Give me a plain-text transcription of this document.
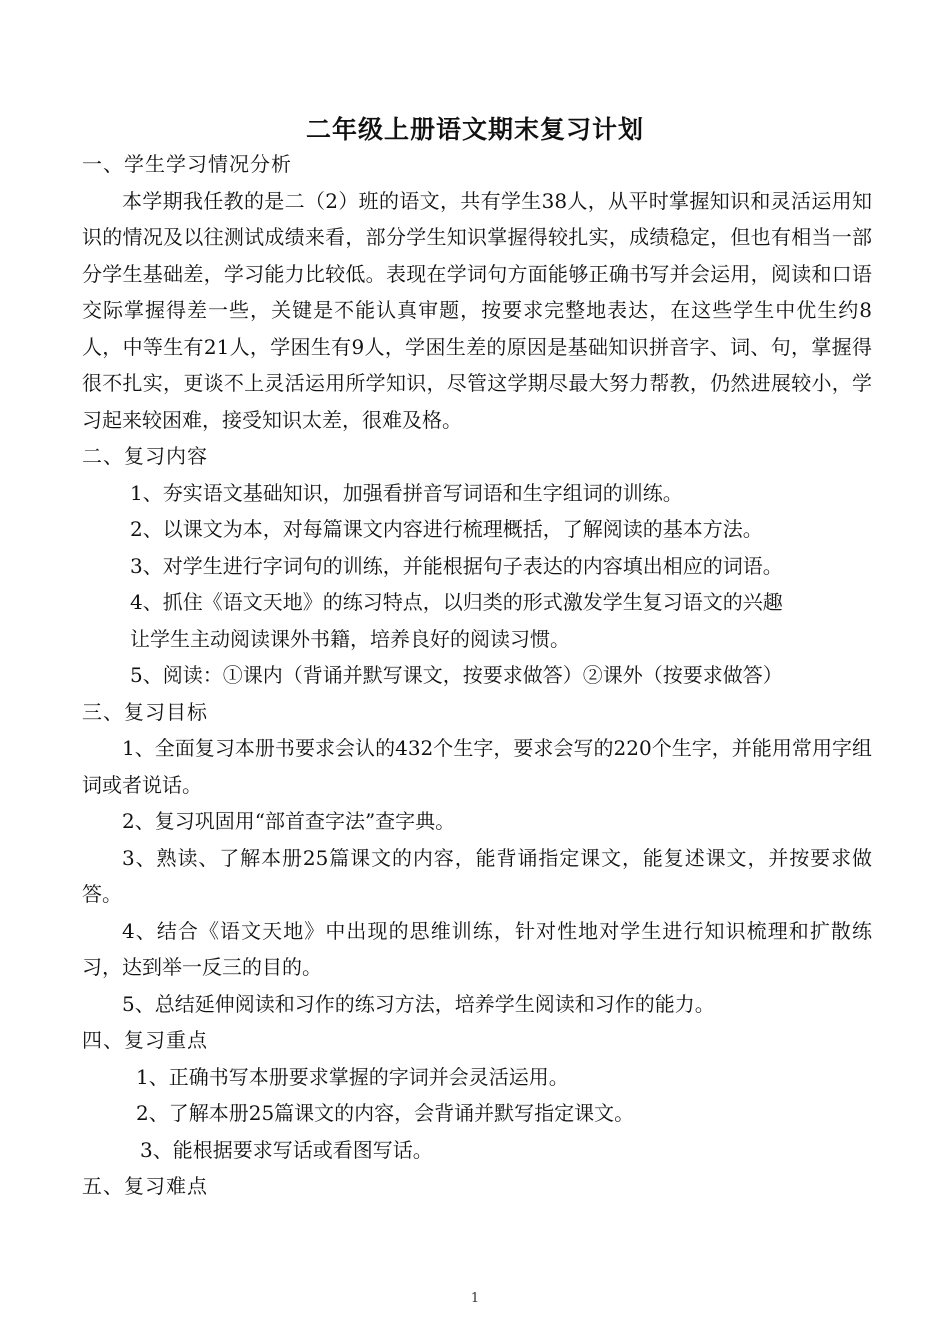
二年级上册语文期末复习计划

一、学生学习情况分析

本学期我任教的是二（2）班的语文，共有学生38人，从平时掌握知识和灵活运用知识的情况及以往测试成绩来看，部分学生知识掌握得较扎实，成绩稳定，但也有相当一部分学生基础差，学习能力比较低。表现在学词句方面能够正确书写并会运用，阅读和口语交际掌握得差一些，关键是不能认真审题，按要求完整地表达，在这些学生中优生约8人，中等生有21人，学困生有9人，学困生差的原因是基础知识拼音字、词、句，掌握得很不扎实，更谈不上灵活运用所学知识，尽管这学期尽最大努力帮教，仍然进展较小，学习起来较困难，接受知识太差，很难及格。

二、复习内容

1、夯实语文基础知识，加强看拼音写词语和生字组词的训练。

2、以课文为本，对每篇课文内容进行梳理概括，了解阅读的基本方法。

3、对学生进行字词句的训练，并能根据句子表达的内容填出相应的词语。

4、抓住《语文天地》的练习特点，以归类的形式激发学生复习语文的兴趣

让学生主动阅读课外书籍，培养良好的阅读习惯。

5、阅读：①课内（背诵并默写课文，按要求做答）②课外（按要求做答）

三、复习目标

1、全面复习本册书要求会认的432个生字，要求会写的220个生字，并能用常用字组词或者说话。

2、复习巩固用“部首查字法”查字典。

3、熟读、了解本册25篇课文的内容，能背诵指定课文，能复述课文，并按要求做答。

4、结合《语文天地》中出现的思维训练，针对性地对学生进行知识梳理和扩散练习，达到举一反三的目的。

5、总结延伸阅读和习作的练习方法，培养学生阅读和习作的能力。

四、复习重点

1、正确书写本册要求掌握的字词并会灵活运用。

2、了解本册25篇课文的内容，会背诵并默写指定课文。

3、能根据要求写话或看图写话。

五、复习难点

1
